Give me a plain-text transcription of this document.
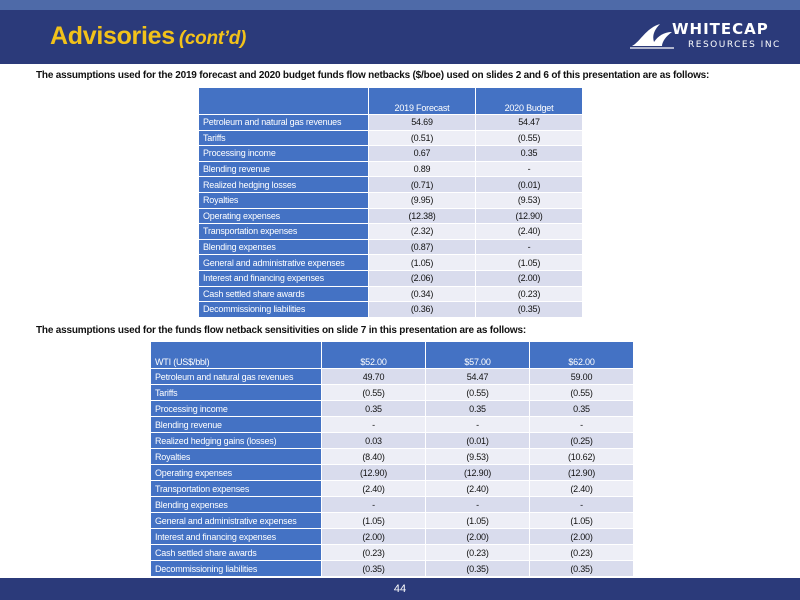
Advisories (cont’d)	WHITECAP
RESOURCES INC

The assumptions used for the 2019 forecast and 2020 budget funds flow netbacks ($/boe) used on slides 2 and 6 of this presentation are as follows:

	2019 Forecast	2020 Budget
Petroleum and natural gas revenues	54.69	54.47
Tariffs	(0.51)	(0.55)
Processing income	0.67	0.35
Blending revenue	0.89	-
Realized hedging losses	(0.71)	(0.01)
Royalties	(9.95)	(9.53)
Operating expenses	(12.38)	(12.90)
Transportation expenses	(2.32)	(2.40)
Blending expenses	(0.87)	-
General and administrative expenses	(1.05)	(1.05)
Interest and financing expenses	(2.06)	(2.00)
Cash settled share awards	(0.34)	(0.23)
Decommissioning liabilities	(0.36)	(0.35)

The assumptions used for the funds flow netback sensitivities on slide 7 in this presentation are as follows:

WTI (US$/bbl)	$52.00	$57.00	$62.00
Petroleum and natural gas revenues	49.70	54.47	59.00
Tariffs	(0.55)	(0.55)	(0.55)
Processing income	0.35	0.35	0.35
Blending revenue	-	-	-
Realized hedging gains (losses)	0.03	(0.01)	(0.25)
Royalties	(8.40)	(9.53)	(10.62)
Operating expenses	(12.90)	(12.90)	(12.90)
Transportation expenses	(2.40)	(2.40)	(2.40)
Blending expenses	-	-	-
General and administrative expenses	(1.05)	(1.05)	(1.05)
Interest and financing expenses	(2.00)	(2.00)	(2.00)
Cash settled share awards	(0.23)	(0.23)	(0.23)
Decommissioning liabilities	(0.35)	(0.35)	(0.35)
44
